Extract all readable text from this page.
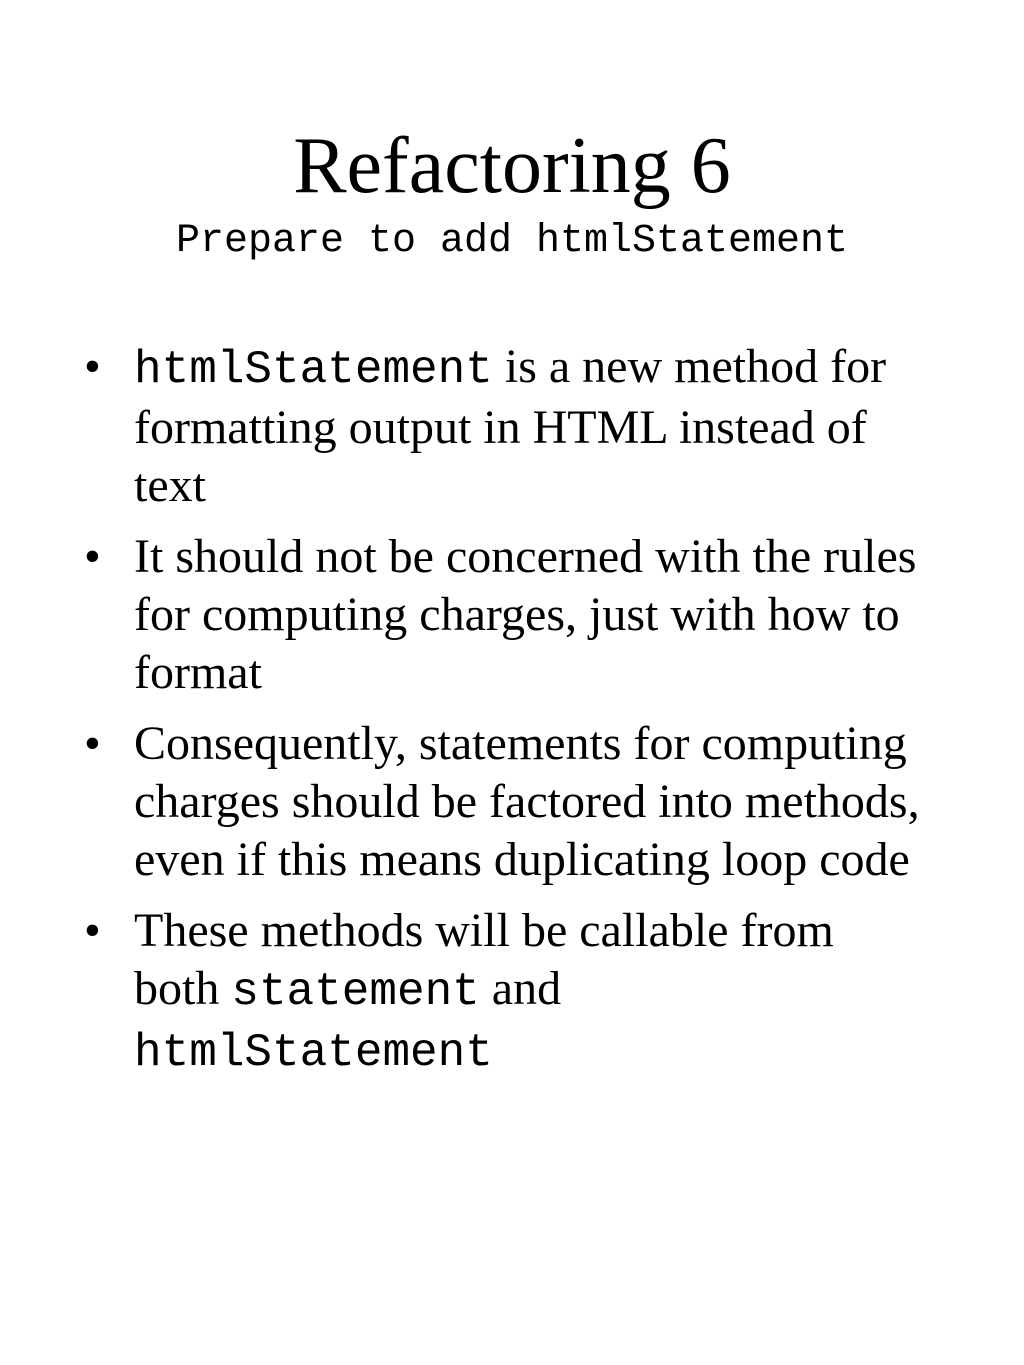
Refactoring 6
Prepare to add htmlStatement
• htmlStatement is a new method for formatting output in HTML instead of text
• It should not be concerned with the rules for computing charges, just with how to format
• Consequently, statements for computing charges should be factored into methods, even if this means duplicating loop code
• These methods will be callable from both statement and
htmlStatement
